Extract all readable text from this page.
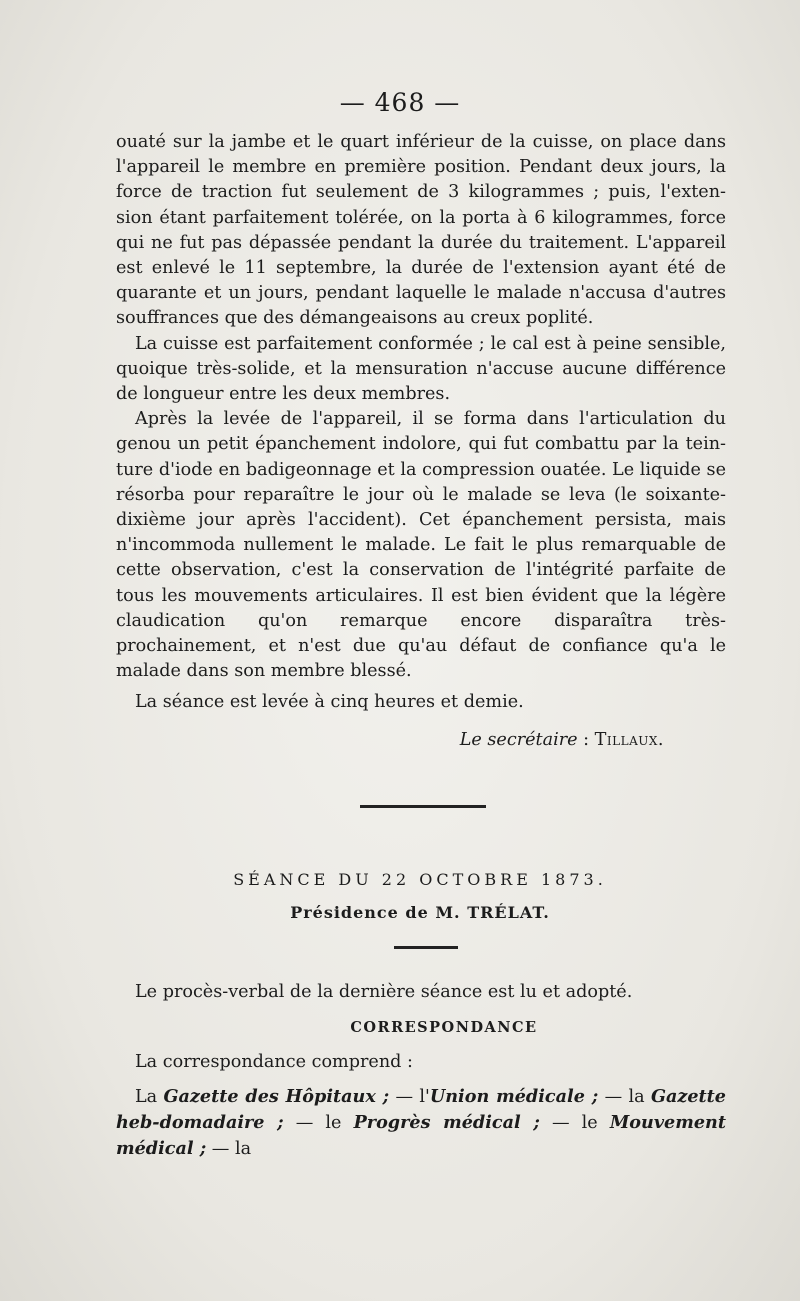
— 468 —

ouaté sur la jambe et le quart inférieur de la cuisse, on place dans l'appareil le membre en première position. Pendant deux jours, la force de traction fut seulement de 3 kilogrammes ; puis, l'exten-sion étant parfaitement tolérée, on la porta à 6 kilogrammes, force qui ne fut pas dépassée pendant la durée du traitement. L'appareil est enlevé le 11 septembre, la durée de l'extension ayant été de quarante et un jours, pendant laquelle le malade n'accusa d'autres souffrances que des démangeaisons au creux poplité.

La cuisse est parfaitement conformée ; le cal est à peine sensible, quoique très-solide, et la mensuration n'accuse aucune différence de longueur entre les deux membres.

Après la levée de l'appareil, il se forma dans l'articulation du genou un petit épanchement indolore, qui fut combattu par la tein-ture d'iode en badigeonnage et la compression ouatée. Le liquide se résorba pour reparaître le jour où le malade se leva (le soixante-dixième jour après l'accident). Cet épanchement persista, mais n'incommoda nullement le malade. Le fait le plus remarquable de cette observation, c'est la conservation de l'intégrité parfaite de tous les mouvements articulaires. Il est bien évident que la légère claudication qu'on remarque encore disparaîtra très-prochainement, et n'est due qu'au défaut de confiance qu'a le malade dans son membre blessé.

La séance est levée à cinq heures et demie.

Le secrétaire : Tillaux.

SÉANCE DU 22 OCTOBRE 1873.
Présidence de M. TRÉLAT.

Le procès-verbal de la dernière séance est lu et adopté.

CORRESPONDANCE

La correspondance comprend :

La Gazette des Hôpitaux ; — l'Union médicale ; — la Gazette heb-domadaire ; — le Progrès médical ; — le Mouvement médical ; — la
